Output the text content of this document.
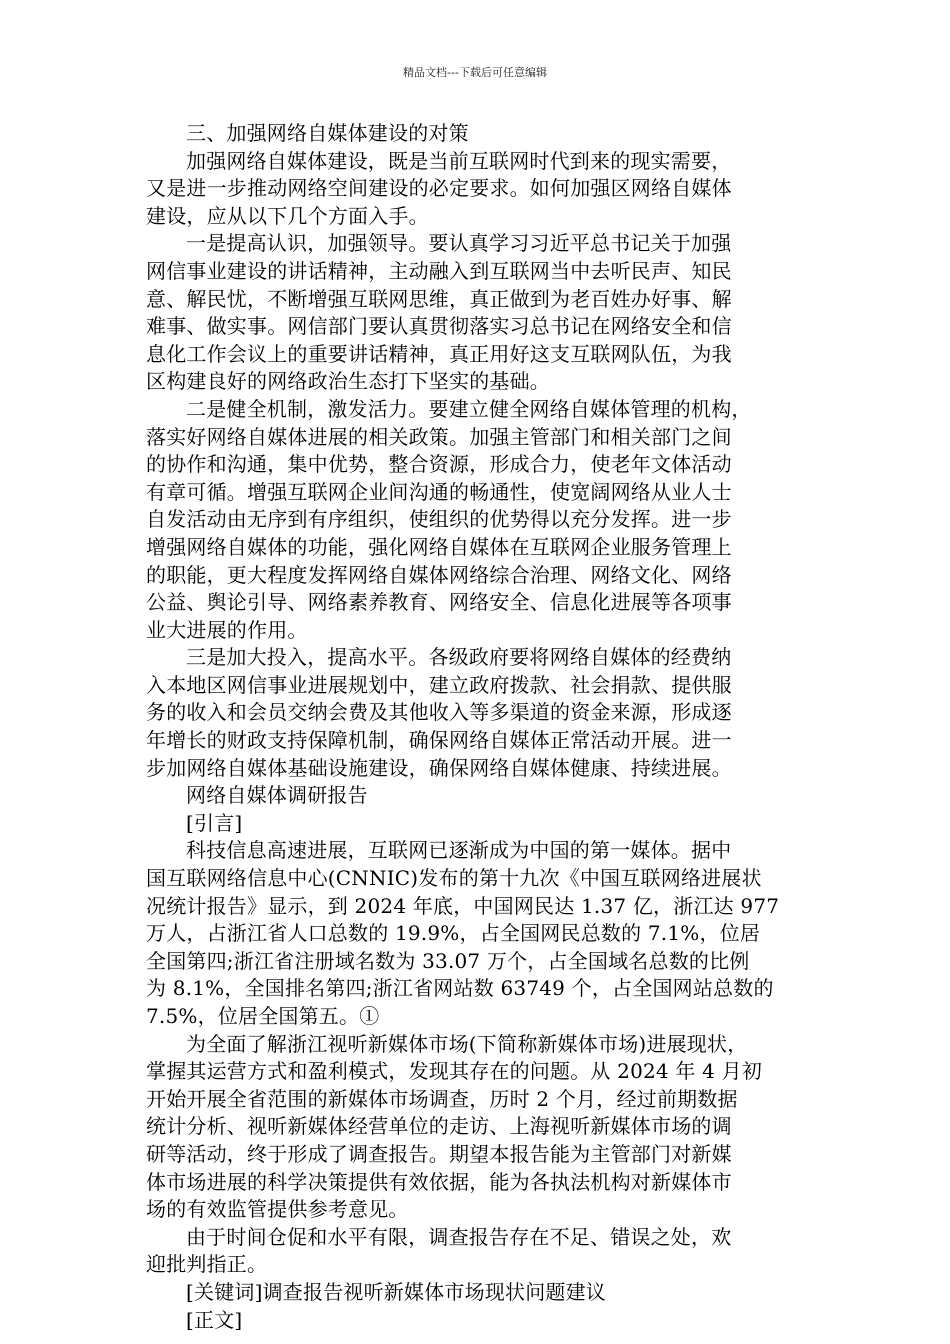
精品文档---下载后可任意编辑
三、加强网络自媒体建设的对策
加强网络自媒体建设，既是当前互联网时代到来的现实需要，
又是进一步推动网络空间建设的必定要求。如何加强区网络自媒体
建设，应从以下几个方面入手。
一是提高认识，加强领导。要认真学习习近平总书记关于加强
网信事业建设的讲话精神，主动融入到互联网当中去听民声、知民
意、解民忧，不断增强互联网思维，真正做到为老百姓办好事、解
难事、做实事。网信部门要认真贯彻落实习总书记在网络安全和信
息化工作会议上的重要讲话精神，真正用好这支互联网队伍，为我
区构建良好的网络政治生态打下坚实的基础。
二是健全机制，激发活力。要建立健全网络自媒体管理的机构，
落实好网络自媒体进展的相关政策。加强主管部门和相关部门之间
的协作和沟通，集中优势，整合资源，形成合力，使老年文体活动
有章可循。增强互联网企业间沟通的畅通性，使宽阔网络从业人士
自发活动由无序到有序组织，使组织的优势得以充分发挥。进一步
增强网络自媒体的功能，强化网络自媒体在互联网企业服务管理上
的职能，更大程度发挥网络自媒体网络综合治理、网络文化、网络
公益、舆论引导、网络素养教育、网络安全、信息化进展等各项事
业大进展的作用。
三是加大投入，提高水平。各级政府要将网络自媒体的经费纳
入本地区网信事业进展规划中，建立政府拨款、社会捐款、提供服
务的收入和会员交纳会费及其他收入等多渠道的资金来源，形成逐
年增长的财政支持保障机制，确保网络自媒体正常活动开展。进一
步加网络自媒体基础设施建设，确保网络自媒体健康、持续进展。
网络自媒体调研报告
[引言]
科技信息高速进展，互联网已逐渐成为中国的第一媒体。据中
国互联网络信息中心(CNNIC)发布的第十九次《中国互联网络进展状
况统计报告》显示，到 2024 年底，中国网民达 1.37 亿，浙江达 977
万人，占浙江省人口总数的 19.9%，占全国网民总数的 7.1%，位居
全国第四;浙江省注册域名数为 33.07 万个，占全国域名总数的比例
为 8.1%，全国排名第四;浙江省网站数 63749 个，占全国网站总数的
7.5%，位居全国第五。①
为全面了解浙江视听新媒体市场(下简称新媒体市场)进展现状，
掌握其运营方式和盈利模式，发现其存在的问题。从 2024 年 4 月初
开始开展全省范围的新媒体市场调查，历时 2 个月，经过前期数据
统计分析、视听新媒体经营单位的走访、上海视听新媒体市场的调
研等活动，终于形成了调查报告。期望本报告能为主管部门对新媒
体市场进展的科学决策提供有效依据，能为各执法机构对新媒体市
场的有效监管提供参考意见。
由于时间仓促和水平有限，调查报告存在不足、错误之处，欢
迎批判指正。
[关键词]调查报告视听新媒体市场现状问题建议
[正文]
